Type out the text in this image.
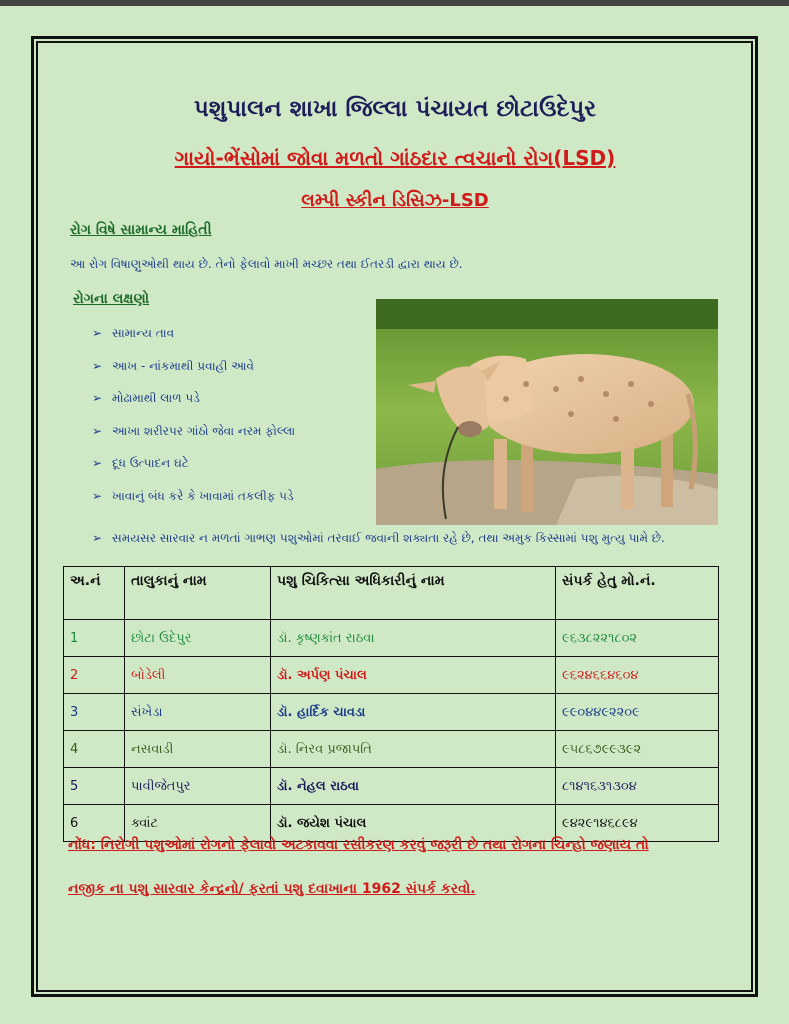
પશુપાલન શાખા જિલ્લા પંચાયત છોટાઉદેપુર
ગાયો-ભેંસોમાં જોવા મળતો ગાંઠદાર ત્વચાનો રોગ(LSD)
લમ્પી સ્કીન ડિસિઝ-LSD
રોગ વિષે સામાન્ય માહિતી
આ રોગ વિષાણુઓથી થાય છે. તેનો ફેલાવો માખી મચ્છર તથા ઈતરડી દ્વારા થાય છે.
રોગના લક્ષણો
➢ સામાન્ય તાવ
➢ આખ - નાંકમાથી પ્રવાહી આવે
➢ મોઢામાથી લાળ પડે
➢ આખા શરીરપર ગાંઠો જેવા નરમ ફોલ્લા
➢ દૂધ ઉત્પાદન ઘટે
➢ ખાવાનું બંધ કરે કે ખાવામાં તકલીફ પડે
➢ સમયસર સારવાર ન મળતાં ગાભણ પશુઓમાં તરવાઈ જવાની શક્યતા રહે છે, તથા અમુક કિસ્સામાં પશુ મુત્યુ પામે છે.
અ.નં	તાલુકાનું નામ	પશુ ચિકિત્સા અધિકારીનું નામ	સંપર્ક હેતુ મો.નં.
1	છોટા ઉદેપુર	ડૉ. કૃષ્ણકાંત રાઠવા	૯૬૩૮૨૨૧૮૦૨
2	બોડેલી	ડૉ. અર્પણ પંચાલ	૯૬૨૪૬૬૪૬૦૪
3	સંખેડા	ડૉ. હાર્દિક ચાવડા	૯૯૦૪૪૯૨૨૦૯
4	નસવાડી	ડૉ. નિરવ પ્રજાપતિ	૯૫૮૬૭૯૯૩૯૨
5	પાવીજેતપુર	ડૉ. નેહલ રાઠવા	૮૧૪૧૬૩૧૩૦૪
6	ક્વાંટ	ડૉ. જયેશ પંચાલ	૯૪૨૯૧૪૬૮૯૪
નોંધ: નિરોગી પશુઓમાં રોગનો ફેલાવો અટકાવવા રસીકરણ કરવું જરૂરી છે તથા રોગના ચિન્હો જણાય તો
નજીક ના પશુ સારવાર કેન્દ્રનો/ ફરતાં પશુ દવાખાના 1962 સંપર્ક કરવો.
